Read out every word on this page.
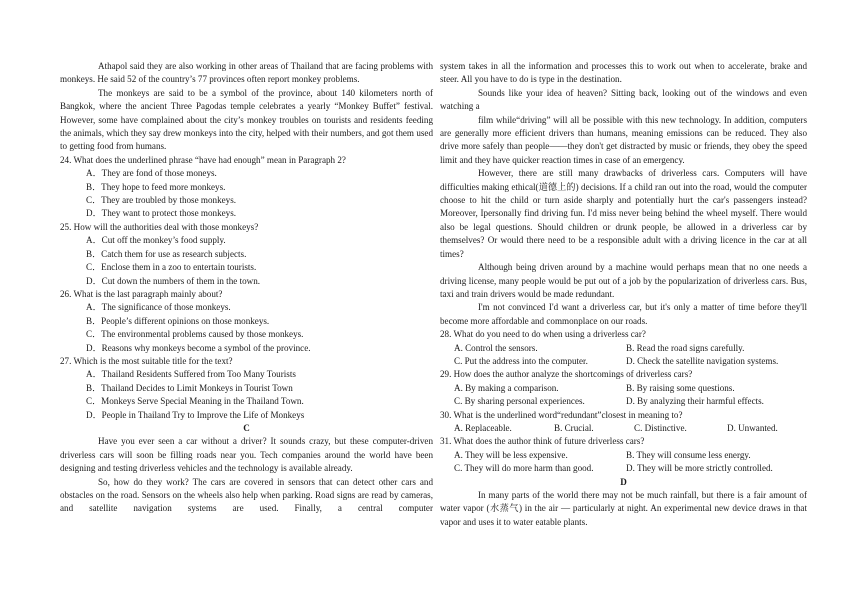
Athapol said they are also working in other areas of Thailand that are facing problems with monkeys. He said 52 of the country’s 77 provinces often report monkey problems.

The monkeys are said to be a symbol of the province, about 140 kilometers north of Bangkok, where the ancient Three Pagodas temple celebrates a yearly “Monkey Buffet” festival. However, some have complained about the city’s monkey troubles on tourists and residents feeding the animals, which they say drew monkeys into the city, helped with their numbers, and got them used to getting food from humans.

24. What does the underlined phrase “have had enough” mean in Paragraph 2?

A．They are fond of those moneys.

B．They hope to feed more monkeys.

C．They are troubled by those monkeys.

D．They want to protect those monkeys.

25. How will the authorities deal with those monkeys?

A．Cut off the monkey’s food supply.

B．Catch them for use as research subjects.

C．Enclose them in a zoo to entertain tourists.

D．Cut down the numbers of them in the town.

26. What is the last paragraph mainly about?

A．The significance of those monkeys.

B．People’s different opinions on those monkeys.

C．The environmental problems caused by those monkeys.

D．Reasons why monkeys become a symbol of the province.

27. Which is the most suitable title for the text?

A．Thailand Residents Suffered from Too Many Tourists

B．Thailand Decides to Limit Monkeys in Tourist Town

C．Monkeys Serve Special Meaning in the Thailand Town.

D．People in Thailand Try to Improve the Life of Monkeys

C

Have you ever seen a car without a driver? It sounds crazy, but these computer-driven driverless cars will soon be filling roads near you. Tech companies around the world have been designing and testing driverless vehicles and the technology is available already.

So, how do they work? The cars are covered in sensors that can detect other cars and obstacles on the road. Sensors on the wheels also help when parking. Road signs are read by cameras, and satellite navigation systems are used. Finally, a central computer

system takes in all the information and processes this to work out when to accelerate, brake and steer. All you have to do is type in the destination.

Sounds like your idea of heaven? Sitting back, looking out of the windows and even watching a

film while“driving” will all be possible with this new technology. In addition, computers are generally more efficient drivers than humans, meaning emissions can be reduced. They also drive more safely than people——they don't get distracted by music or friends, they obey the speed limit and they have quicker reaction times in case of an emergency.

However, there are still many drawbacks of driverless cars. Computers will have difficulties making ethical(道德上的) decisions. If a child ran out into the road, would the computer choose to hit the child or turn aside sharply and potentially hurt the car's passengers instead? Moreover, Ipersonally find driving fun. I'd miss never being behind the wheel myself. There would also be legal questions. Should children or drunk people, be allowed in a driverless car by themselves? Or would there need to be a responsible adult with a driving licence in the car at all times?

Although being driven around by a machine would perhaps mean that no one needs a driving license, many people would be put out of a job by the popularization of driverless cars. Bus, taxi and train drivers would be made redundant.

I'm not convinced I'd want a driverless car, but it's only a matter of time before they'll become more affordable and commonplace on our roads.

28. What do you need to do when using a driverless car?

A. Control the sensors.	B. Read the road signs carefully.
C. Put the address into the computer.	D. Check the satellite navigation systems.

29. How does the author analyze the shortcomings of driverless cars?

A. By making a comparison.	B. By raising some questions.
C. By sharing personal experiences.	D. By analyzing their harmful effects.

30. What is the underlined word“redundant”closest in meaning to?

A. Replaceable.	B. Crucial.	C. Distinctive.	D. Unwanted.

31. What does the author think of future driverless cars?

A. They will be less expensive.	B. They will consume less energy.
C. They will do more harm than good.	D. They will be more strictly controlled.

D

In many parts of the world there may not be much rainfall, but there is a fair amount of water vapor (水蒸气) in the air — particularly at night. An experimental new device draws in that vapor and uses it to water eatable plants.
